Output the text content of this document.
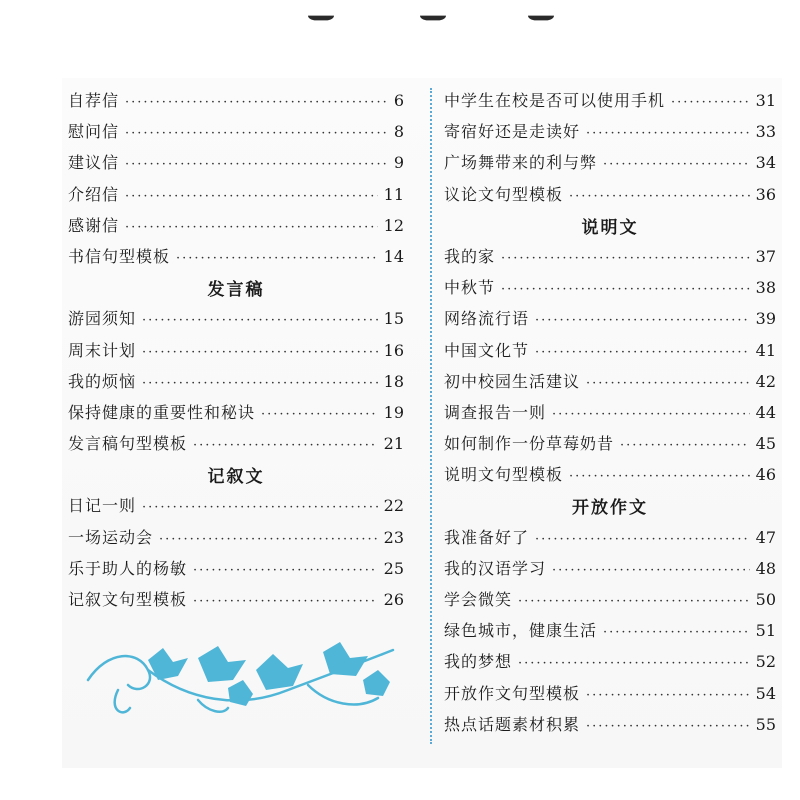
自荐信 ·····	6
慰问信 ·····	8
建议信 ·····	9
介绍信 ·····	11
感谢信 ·····	12
书信句型模板 ·····	14
发言稿
游园须知 ·····	15
周末计划 ·····	16
我的烦恼 ·····	18
保持健康的重要性和秘诀 ·····	19
发言稿句型模板 ·····	21
记叙文
日记一则 ·····	22
一场运动会 ·····	23
乐于助人的杨敏 ·····	25
记叙文句型模板 ·····	26
中学生在校是否可以使用手机 ·····	31
寄宿好还是走读好 ·····	33
广场舞带来的利与弊 ·····	34
议论文句型模板 ·····	36
说明文
我的家 ·····	37
中秋节 ·····	38
网络流行语 ·····	39
中国文化节 ·····	41
初中校园生活建议 ·····	42
调查报告一则 ·····	44
如何制作一份草莓奶昔 ·····	45
说明文句型模板 ·····	46
开放作文
我准备好了 ·····	47
我的汉语学习 ·····	48
学会微笑 ·····	50
绿色城市，健康生活 ·····	51
我的梦想 ·····	52
开放作文句型模板 ·····	54
热点话题素材积累 ·····	55
